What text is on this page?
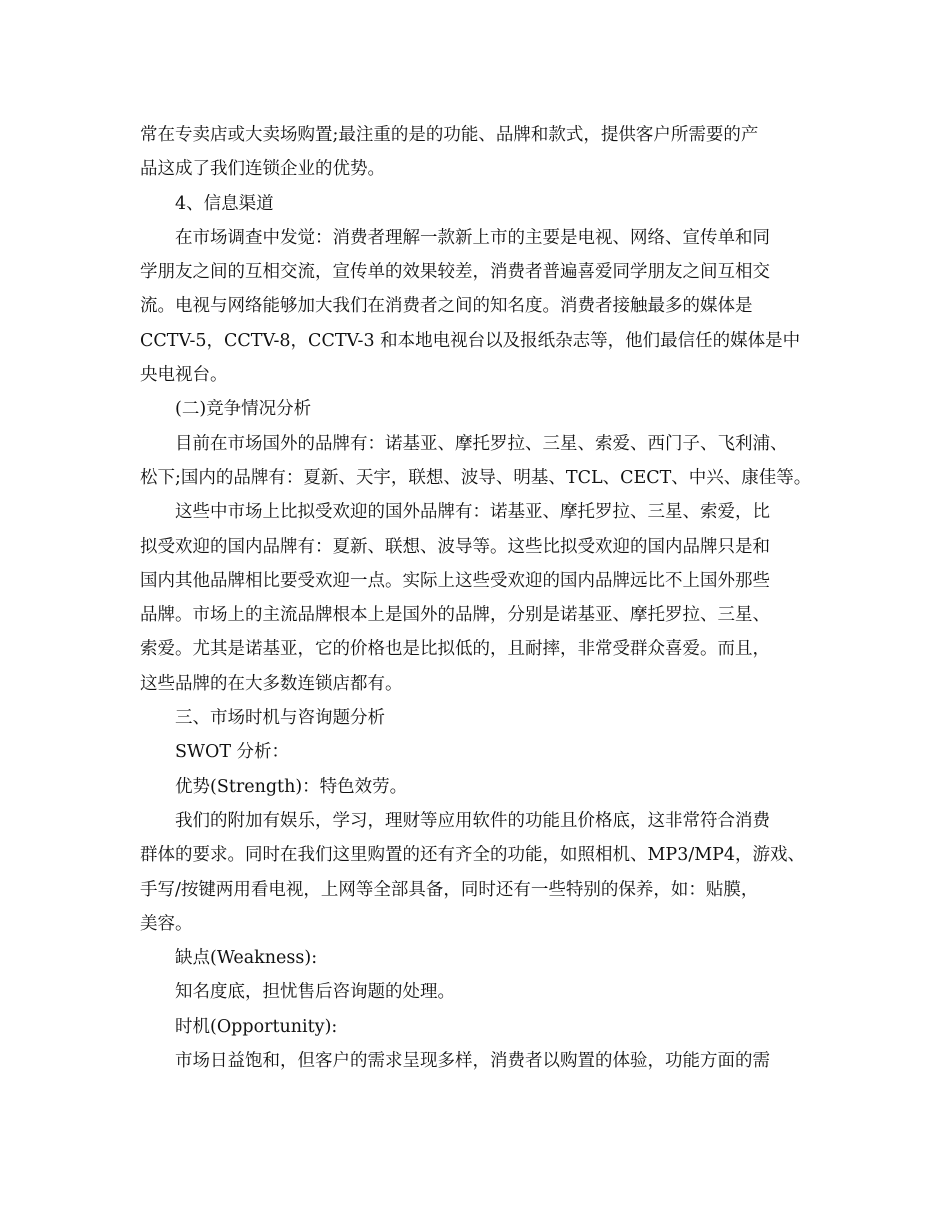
常在专卖店或大卖场购置;最注重的是的功能、品牌和款式，提供客户所需要的产
品这成了我们连锁企业的优势。
4、信息渠道
在市场调查中发觉：消费者理解一款新上市的主要是电视、网络、宣传单和同
学朋友之间的互相交流，宣传单的效果较差，消费者普遍喜爱同学朋友之间互相交
流。电视与网络能够加大我们在消费者之间的知名度。消费者接触最多的媒体是
CCTV-5，CCTV-8，CCTV-3 和本地电视台以及报纸杂志等，他们最信任的媒体是中
央电视台。
(二)竞争情况分析
目前在市场国外的品牌有：诺基亚、摩托罗拉、三星、索爱、西门子、飞利浦、
松下;国内的品牌有：夏新、天宇，联想、波导、明基、TCL、CECT、中兴、康佳等。
这些中市场上比拟受欢迎的国外品牌有：诺基亚、摩托罗拉、三星、索爱，比
拟受欢迎的国内品牌有：夏新、联想、波导等。这些比拟受欢迎的国内品牌只是和
国内其他品牌相比要受欢迎一点。实际上这些受欢迎的国内品牌远比不上国外那些
品牌。市场上的主流品牌根本上是国外的品牌，分别是诺基亚、摩托罗拉、三星、
索爱。尤其是诺基亚，它的价格也是比拟低的，且耐摔，非常受群众喜爱。而且，
这些品牌的在大多数连锁店都有。
三、市场时机与咨询题分析
SWOT 分析：
优势(Strength)：特色效劳。
我们的附加有娱乐，学习，理财等应用软件的功能且价格底，这非常符合消费
群体的要求。同时在我们这里购置的还有齐全的功能，如照相机、MP3/MP4，游戏、
手写/按键两用看电视，上网等全部具备，同时还有一些特别的保养，如：贴膜，
美容。
缺点(Weakness):
知名度底，担忧售后咨询题的处理。
时机(Opportunity):
市场日益饱和，但客户的需求呈现多样，消费者以购置的体验，功能方面的需
